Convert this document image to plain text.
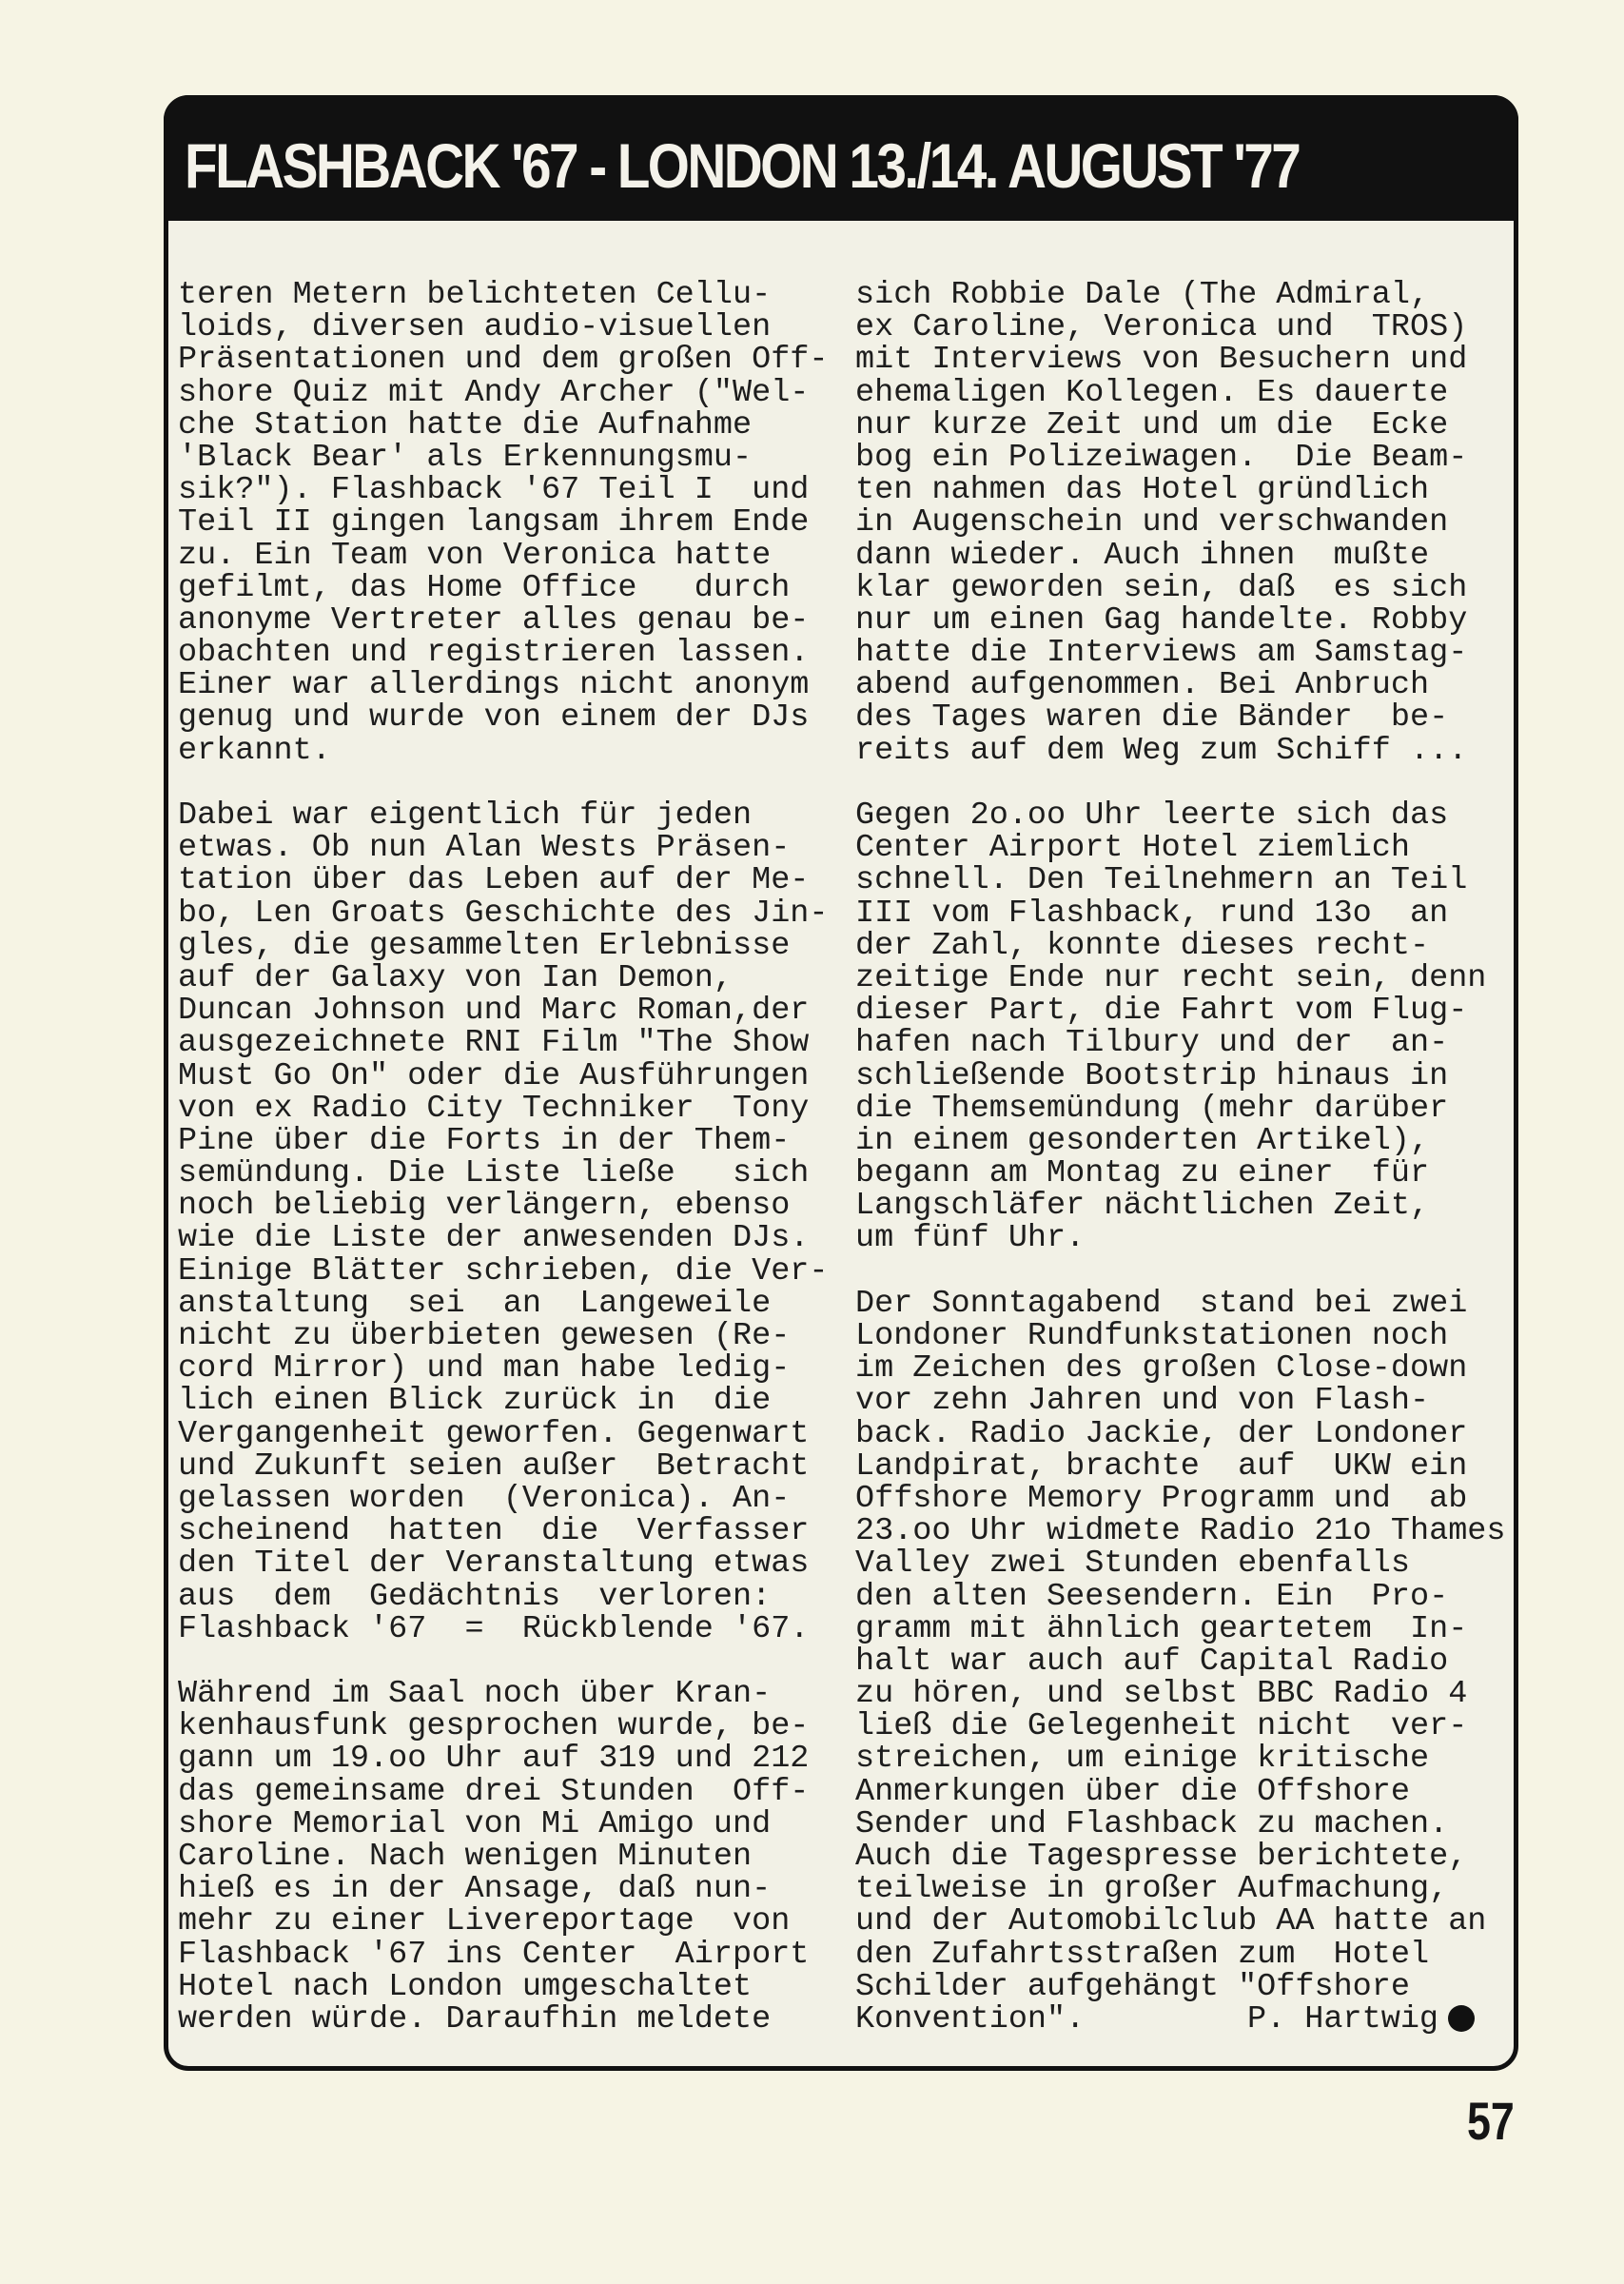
FLASHBACK '67 - LONDON 13./14. AUGUST '77
teren Metern belichteten Cellu-
loids, diversen audio-visuellen
Präsentationen und dem großen Off-
shore Quiz mit Andy Archer ("Wel-
che Station hatte die Aufnahme
'Black Bear' als Erkennungsmu-
sik?"). Flashback '67 Teil I  und
Teil II gingen langsam ihrem Ende
zu. Ein Team von Veronica hatte
gefilmt, das Home Office   durch
anonyme Vertreter alles genau be-
obachten und registrieren lassen.
Einer war allerdings nicht anonym
genug und wurde von einem der DJs
erkannt.
Dabei war eigentlich für jeden
etwas. Ob nun Alan Wests Präsen-
tation über das Leben auf der Me-
bo, Len Groats Geschichte des Jin-
gles, die gesammelten Erlebnisse
auf der Galaxy von Ian Demon,
Duncan Johnson und Marc Roman,der
ausgezeichnete RNI Film "The Show
Must Go On" oder die Ausführungen
von ex Radio City Techniker  Tony
Pine über die Forts in der Them-
semündung. Die Liste ließe   sich
noch beliebig verlängern, ebenso
wie die Liste der anwesenden DJs.
Einige Blätter schrieben, die Ver-
anstaltung  sei  an  Langeweile
nicht zu überbieten gewesen (Re-
cord Mirror) und man habe ledig-
lich einen Blick zurück in  die
Vergangenheit geworfen. Gegenwart
und Zukunft seien außer  Betracht
gelassen worden  (Veronica). An-
scheinend  hatten  die  Verfasser
den Titel der Veranstaltung etwas
aus  dem  Gedächtnis  verloren:
Flashback '67  =  Rückblende '67.
Während im Saal noch über Kran-
kenhausfunk gesprochen wurde, be-
gann um 19.oo Uhr auf 319 und 212
das gemeinsame drei Stunden  Off-
shore Memorial von Mi Amigo und
Caroline. Nach wenigen Minuten
hieß es in der Ansage, daß nun-
mehr zu einer Livereportage  von
Flashback '67 ins Center  Airport
Hotel nach London umgeschaltet
werden würde. Daraufhin meldete
sich Robbie Dale (The Admiral,
ex Caroline, Veronica und  TROS)
mit Interviews von Besuchern und
ehemaligen Kollegen. Es dauerte
nur kurze Zeit und um die  Ecke
bog ein Polizeiwagen.  Die Beam-
ten nahmen das Hotel gründlich
in Augenschein und verschwanden
dann wieder. Auch ihnen  mußte
klar geworden sein, daß  es sich
nur um einen Gag handelte. Robby
hatte die Interviews am Samstag-
abend aufgenommen. Bei Anbruch
des Tages waren die Bänder  be-
reits auf dem Weg zum Schiff ...
Gegen 2o.oo Uhr leerte sich das
Center Airport Hotel ziemlich
schnell. Den Teilnehmern an Teil
III vom Flashback, rund 13o  an
der Zahl, konnte dieses recht-
zeitige Ende nur recht sein, denn
dieser Part, die Fahrt vom Flug-
hafen nach Tilbury und der  an-
schließende Bootstrip hinaus in
die Themsemündung (mehr darüber
in einem gesonderten Artikel),
begann am Montag zu einer  für
Langschläfer nächtlichen Zeit,
um fünf Uhr.
Der Sonntagabend  stand bei zwei
Londoner Rundfunkstationen noch
im Zeichen des großen Close-down
vor zehn Jahren und von Flash-
back. Radio Jackie, der Londoner
Landpirat, brachte  auf  UKW ein
Offshore Memory Programm und  ab
23.oo Uhr widmete Radio 21o Thames
Valley zwei Stunden ebenfalls
den alten Seesendern. Ein  Pro-
gramm mit ähnlich geartetem  In-
halt war auch auf Capital Radio
zu hören, und selbst BBC Radio 4
ließ die Gelegenheit nicht  ver-
streichen, um einige kritische
Anmerkungen über die Offshore
Sender und Flashback zu machen.
Auch die Tagespresse berichtete,
teilweise in großer Aufmachung,
und der Automobilclub AA hatte an
den Zufahrtsstraßen zum  Hotel
Schilder aufgehängt "Offshore
Konvention".	P. Hartwig
57
